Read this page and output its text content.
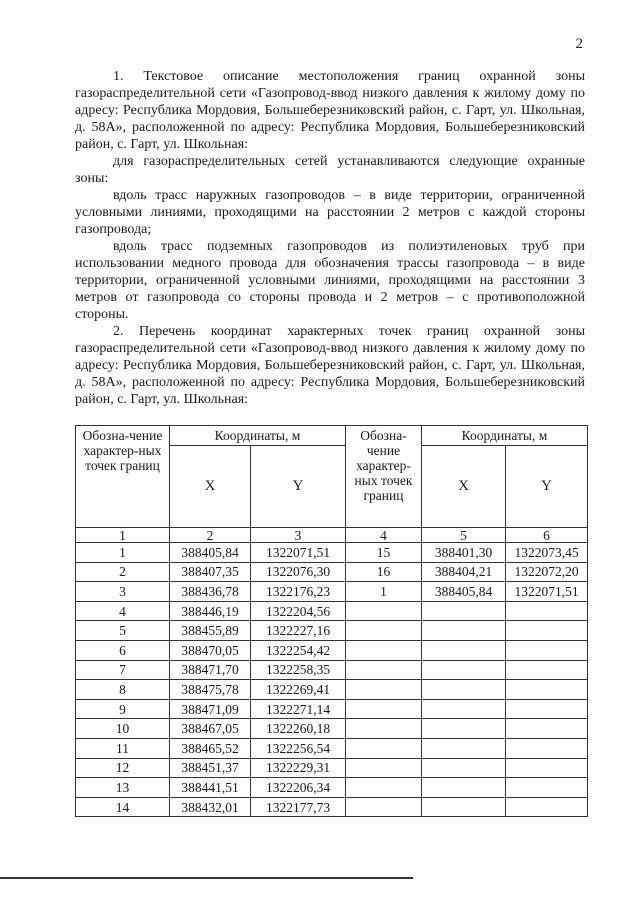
2

1. Текстовое описание местоположения границ охранной зоны газораспределительной сети «Газопровод-ввод низкого давления к жилому дому по адресу: Республика Мордовия, Большеберезниковский район, с. Гарт, ул. Школьная, д. 58А», расположенной по адресу: Республика Мордовия, Большеберезниковский район, с. Гарт, ул. Школьная:

для газораспределительных сетей устанавливаются следующие охранные зоны:

вдоль трасс наружных газопроводов – в виде территории, ограниченной условными линиями, проходящими на расстоянии 2 метров с каждой стороны газопровода;

вдоль трасс подземных газопроводов из полиэтиленовых труб при использовании медного провода для обозначения трассы газопровода – в виде территории, ограниченной условными линиями, проходящими на расстоянии 3 метров от газопровода со стороны провода и 2 метров – с противоположной стороны.

2. Перечень координат характерных точек границ охранной зоны газораспределительной сети «Газопровод-ввод низкого давления к жилому дому по адресу: Республика Мордовия, Большеберезниковский район, с. Гарт, ул. Школьная, д. 58А», расположенной по адресу: Республика Мордовия, Большеберезниковский район, с. Гарт, ул. Школьная:

Обозна-чение характер-ных точек границ	Координаты, м		Обозна-чение характер-ных точек границ	Координаты, м	
	X	Y		X	Y
1	2	3	4	5	6
1	388405,84	1322071,51	15	388401,30	1322073,45
2	388407,35	1322076,30	16	388404,21	1322072,20
3	388436,78	1322176,23	1	388405,84	1322071,51
4	388446,19	1322204,56			
5	388455,89	1322227,16			
6	388470,05	1322254,42			
7	388471,70	1322258,35			
8	388475,78	1322269,41			
9	388471,09	1322271,14			
10	388467,05	1322260,18			
11	388465,52	1322256,54			
12	388451,37	1322229,31			
13	388441,51	1322206,34			
14	388432,01	1322177,73			
